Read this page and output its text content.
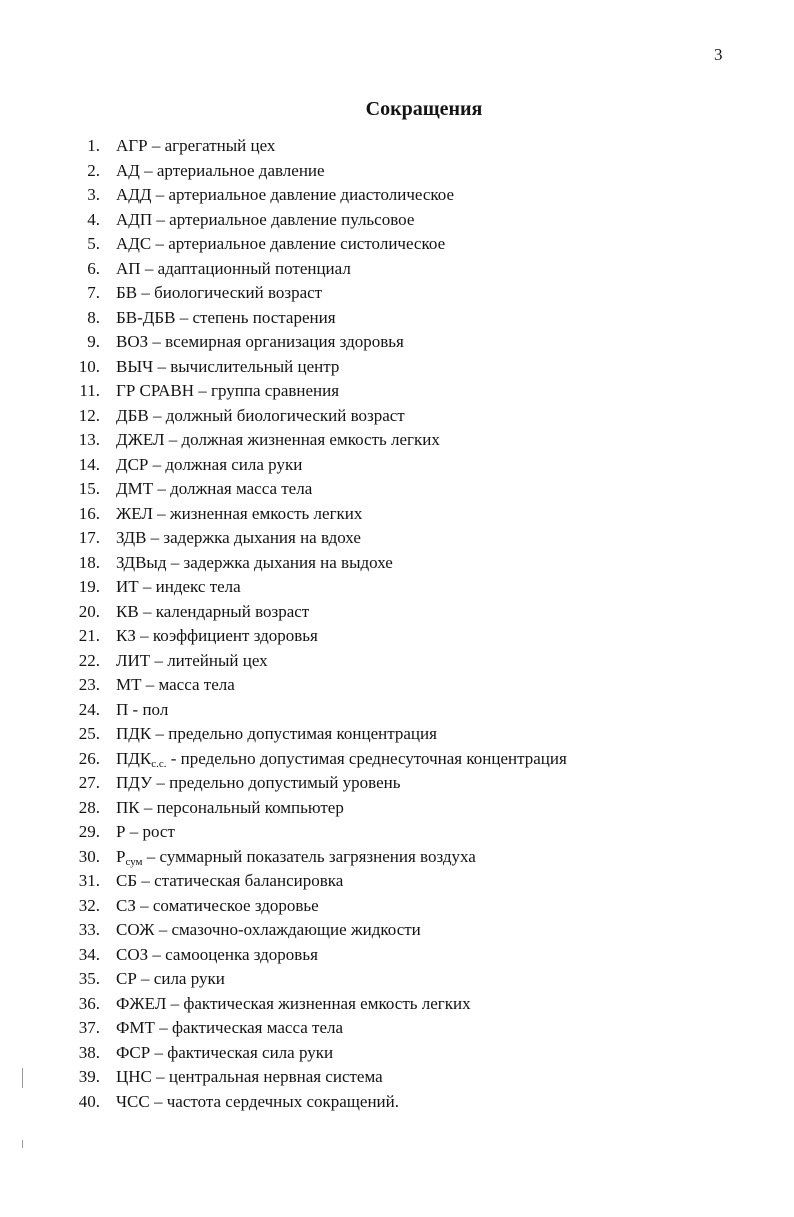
3
Сокращения
1. АГР – агрегатный цех
2. АД – артериальное давление
3. АДД – артериальное давление диастолическое
4. АДП – артериальное давление пульсовое
5. АДС – артериальное давление систолическое
6. АП – адаптационный потенциал
7. БВ – биологический возраст
8. БВ-ДБВ – степень постарения
9. ВОЗ – всемирная организация здоровья
10. ВЫЧ – вычислительный центр
11. ГР СРАВН – группа сравнения
12. ДБВ – должный биологический возраст
13. ДЖЕЛ – должная жизненная емкость легких
14. ДСР – должная сила руки
15. ДМТ – должная масса тела
16. ЖЕЛ – жизненная емкость легких
17. ЗДВ – задержка дыхания на вдохе
18. ЗДВыд – задержка дыхания на выдохе
19. ИТ – индекс тела
20. КВ – календарный возраст
21. КЗ – коэффициент здоровья
22. ЛИТ – литейный цех
23. МТ – масса тела
24. П - пол
25. ПДК – предельно допустимая концентрация
26. $ПДК_{с.с.}$ - предельно допустимая среднесуточная концентрация
27. ПДУ – предельно допустимый уровень
28. ПК – персональный компьютер
29. Р – рост
30. $Р_{сум}$ – суммарный показатель загрязнения воздуха
31. СБ – статическая балансировка
32. СЗ – соматическое здоровье
33. СОЖ – смазочно-охлаждающие жидкости
34. СОЗ – самооценка здоровья
35. СР – сила руки
36. ФЖЕЛ – фактическая жизненная емкость легких
37. ФМТ – фактическая масса тела
38. ФСР – фактическая сила руки
39. ЦНС – центральная нервная система
40. ЧСС – частота сердечных сокращений.
